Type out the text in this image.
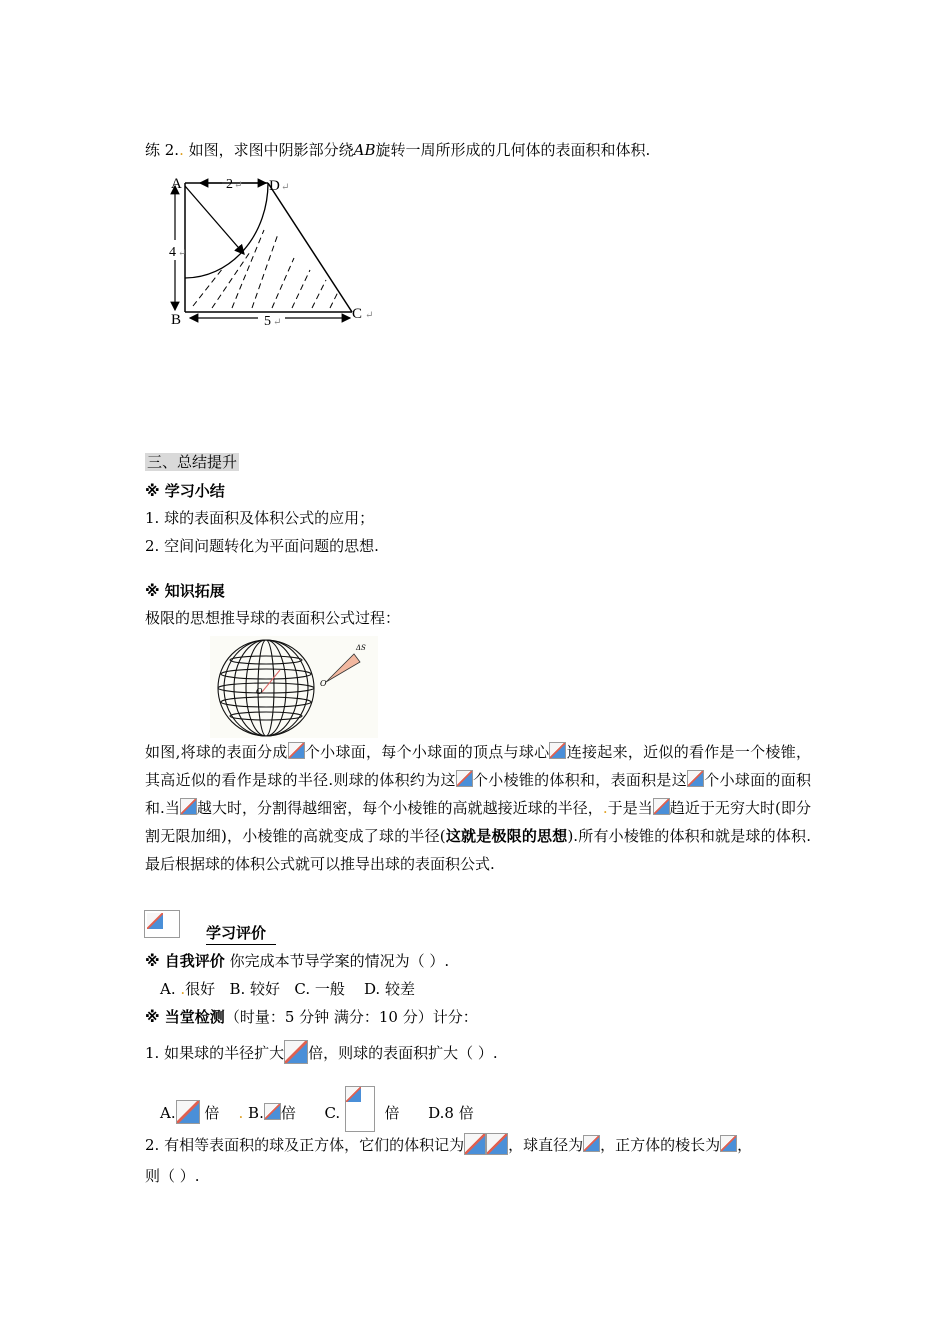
练 2.. 如图，求图中阴影部分绕AB旋转一周所形成的几何体的表面积和体积.
A	D ↵
B	C ↵
2 ↵
4 ↵
5 ↵
三、总结提升
※ 学习小结
1. 球的表面积及体积公式的应用；
2. 空间问题转化为平面问题的思想.
※ 知识拓展
极限的思想推导球的表面积公式过程：
O
O
ΔS
如图,将球的表面分成 个小球面，每个小球面的顶点与球心 连接起来，近似的看作是一个棱锥，其高近似的看作是球的半径.则球的体积约为这 个小棱锥的体积和，表面积是这 个小球面的面积和.当 越大时，分割得越细密，每个小棱锥的高就越接近球的半径，.于是当 趋近于无穷大时(即分割无限加细)，小棱锥的高就变成了球的半径(这就是极限的思想).所有小棱锥的体积和就是球的体积.最后根据球的体积公式就可以推导出球的表面积公式.
学习评价
※ 自我评价 你完成本节导学案的情况为（ ）.
A. .很好 B. 较好 C. 一般 D. 较差
※ 当堂检测（时量：5 分钟 满分：10 分）计分：
1. 如果球的半径扩大 倍，则球的表面积扩大（ ）.
A. 倍 . B. 倍 C.	倍 D.8 倍
2. 有相等表面积的球及正方体，它们的体积记为	，球直径为 ，正方体的棱长为 ，
则（ ）.
